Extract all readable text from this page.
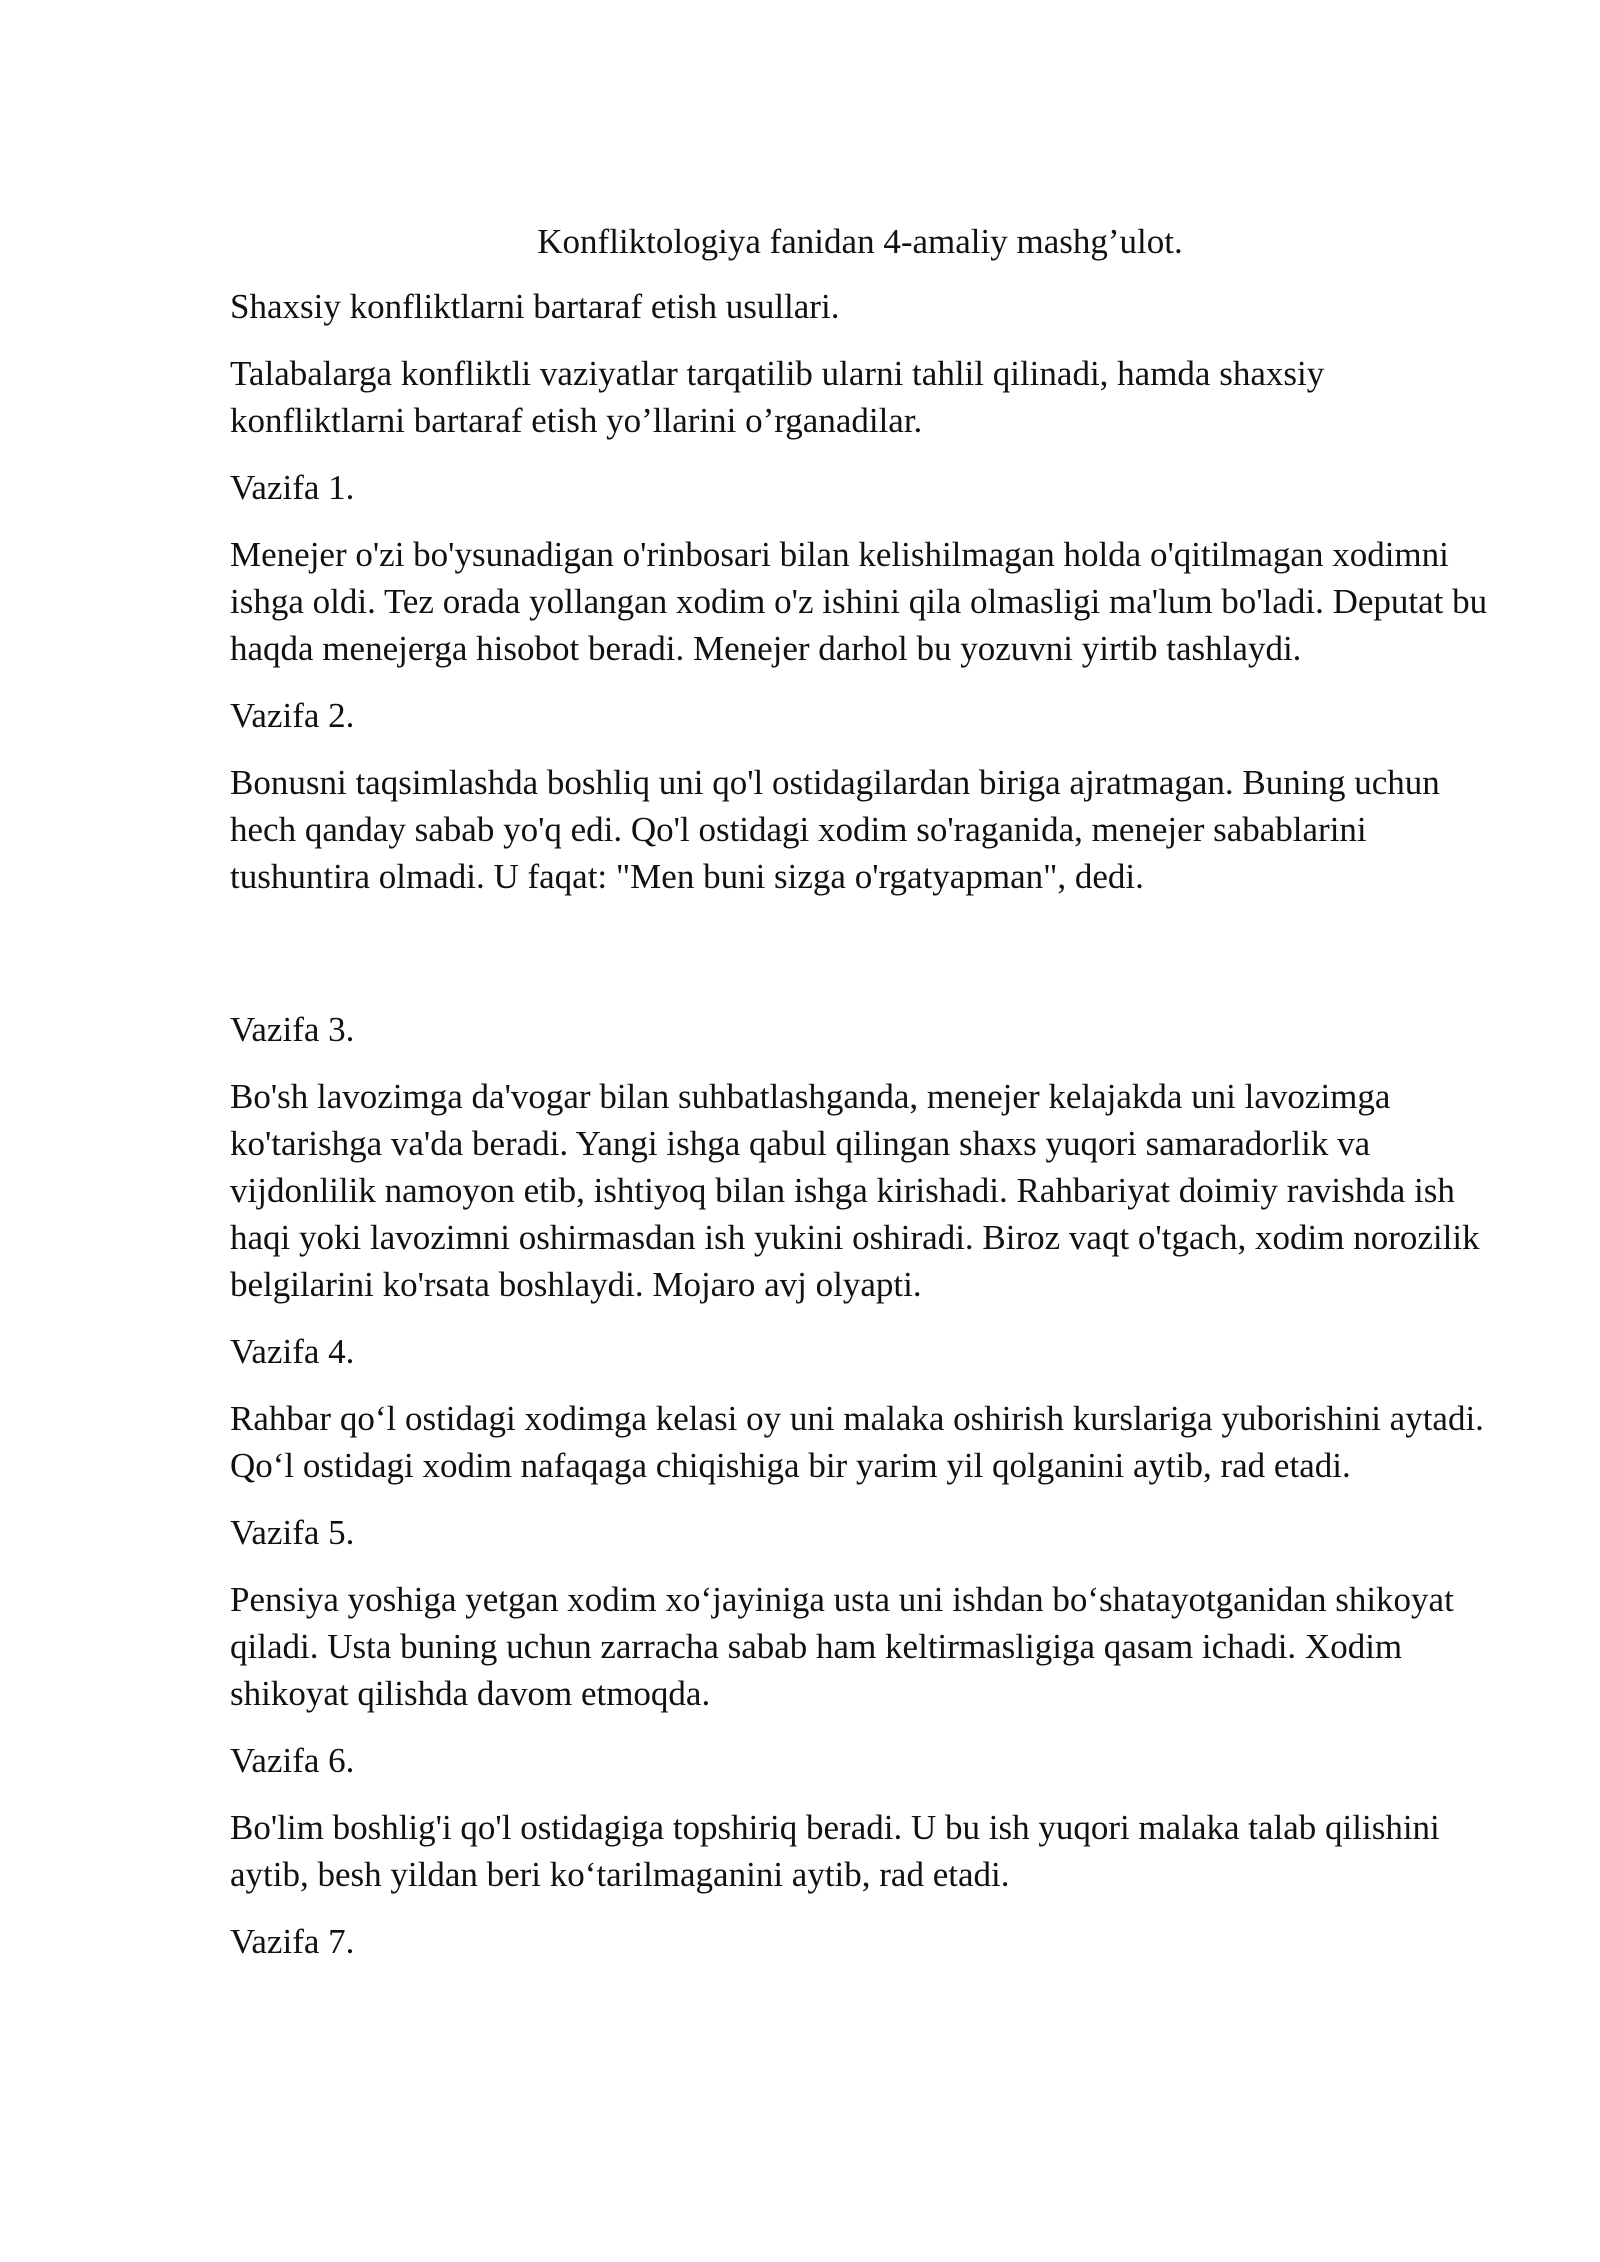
Konfliktologiya fanidan 4-amaliy mashg’ulot.

Shaxsiy konfliktlarni bartaraf etish usullari.

Talabalarga konfliktli vaziyatlar tarqatilib ularni tahlil qilinadi, hamda shaxsiy konfliktlarni bartaraf etish yo’llarini o’rganadilar.

Vazifa 1.

Menejer o'zi bo'ysunadigan o'rinbosari bilan kelishilmagan holda o'qitilmagan xodimni ishga oldi. Tez orada yollangan xodim o'z ishini qila olmasligi ma'lum bo'ladi. Deputat bu haqda menejerga hisobot beradi. Menejer darhol bu yozuvni yirtib tashlaydi.

Vazifa 2.

Bonusni taqsimlashda boshliq uni qo'l ostidagilardan biriga ajratmagan. Buning uchun hech qanday sabab yo'q edi. Qo'l ostidagi xodim so'raganida, menejer sabablarini tushuntira olmadi. U faqat: "Men buni sizga o'rgatyapman", dedi.

Vazifa 3.

Bo'sh lavozimga da'vogar bilan suhbatlashganda, menejer kelajakda uni lavozimga ko'tarishga va'da beradi. Yangi ishga qabul qilingan shaxs yuqori samaradorlik va vijdonlilik namoyon etib, ishtiyoq bilan ishga kirishadi. Rahbariyat doimiy ravishda ish haqi yoki lavozimni oshirmasdan ish yukini oshiradi. Biroz vaqt o'tgach, xodim norozilik belgilarini ko'rsata boshlaydi. Mojaro avj olyapti.

Vazifa 4.

Rahbar qo‘l ostidagi xodimga kelasi oy uni malaka oshirish kurslariga yuborishini aytadi. Qo‘l ostidagi xodim nafaqaga chiqishiga bir yarim yil qolganini aytib, rad etadi.

Vazifa 5.

Pensiya yoshiga yetgan xodim xo‘jayiniga usta uni ishdan bo‘shatayotganidan shikoyat qiladi. Usta buning uchun zarracha sabab ham keltirmasligiga qasam ichadi. Xodim shikoyat qilishda davom etmoqda.

Vazifa 6.

Bo'lim boshlig'i qo'l ostidagiga topshiriq beradi. U bu ish yuqori malaka talab qilishini aytib, besh yildan beri ko‘tarilmaganini aytib, rad etadi.

Vazifa 7.
